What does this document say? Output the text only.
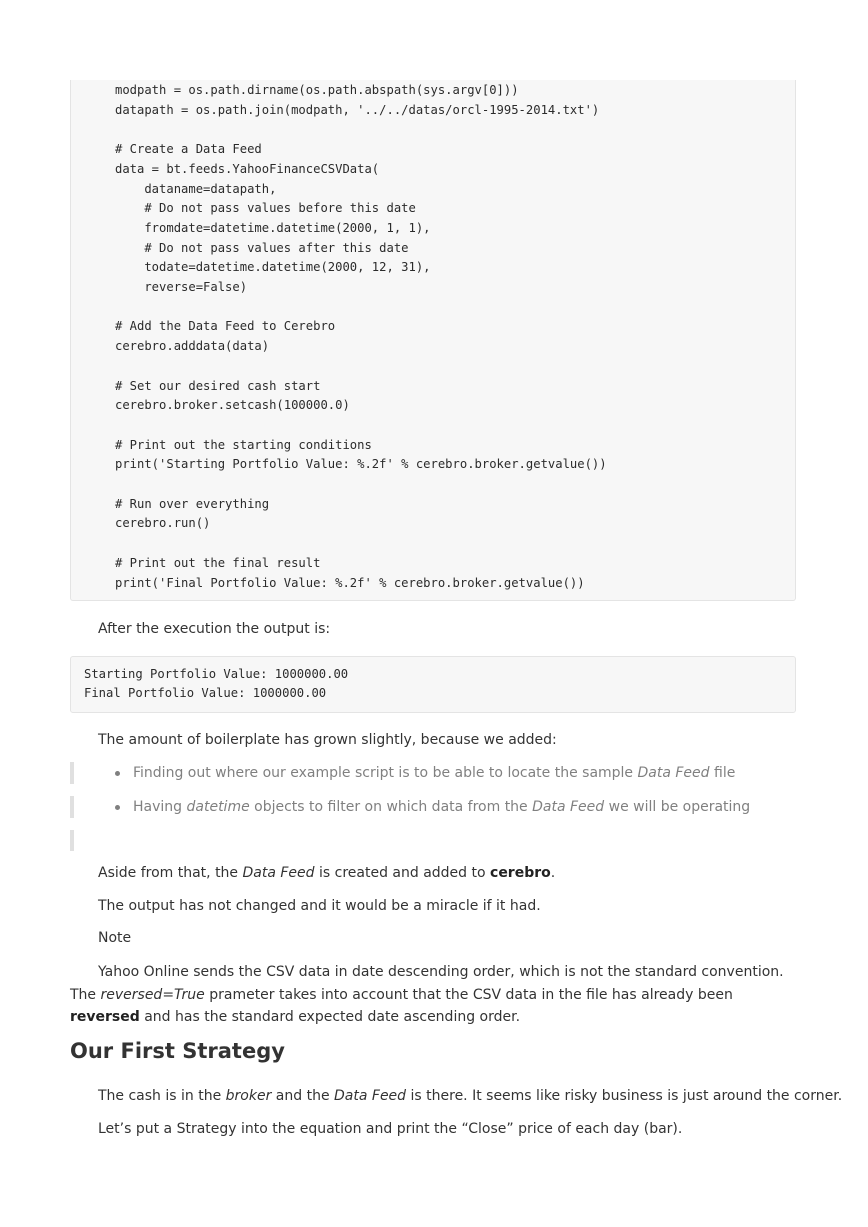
modpath = os.path.dirname(os.path.abspath(sys.argv[0]))
datapath = os.path.join(modpath, '../../datas/orcl-1995-2014.txt')

# Create a Data Feed
data = bt.feeds.YahooFinanceCSVData(
dataname=datapath,
# Do not pass values before this date
fromdate=datetime.datetime(2000, 1, 1),
# Do not pass values after this date
todate=datetime.datetime(2000, 12, 31),
reverse=False)

# Add the Data Feed to Cerebro
cerebro.adddata(data)

# Set our desired cash start
cerebro.broker.setcash(100000.0)

# Print out the starting conditions
print('Starting Portfolio Value: %.2f' % cerebro.broker.getvalue())

# Run over everything
cerebro.run()

# Print out the final result
print('Final Portfolio Value: %.2f' % cerebro.broker.getvalue())

After the execution the output is:

Starting Portfolio Value: 1000000.00
Final Portfolio Value: 1000000.00

The amount of boilerplate has grown slightly, because we added:

Finding out where our example script is to be able to locate the sample Data Feed file
Having datetime objects to filter on which data from the Data Feed we will be operating

Aside from that, the Data Feed is created and added to cerebro.

The output has not changed and it would be a miracle if it had.

Note

Yahoo Online sends the CSV data in date descending order, which is not the standard convention. The reversed=True prameter takes into account that the CSV data in the file has already been reversed and has the standard expected date ascending order.

Our First Strategy

The cash is in the broker and the Data Feed is there. It seems like risky business is just around the corner.

Let’s put a Strategy into the equation and print the “Close” price of each day (bar).
